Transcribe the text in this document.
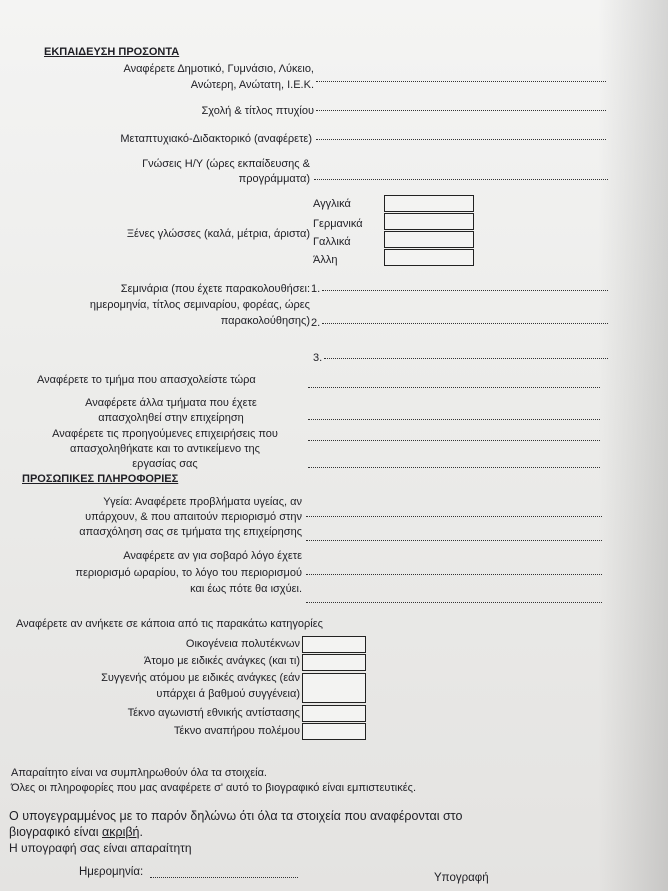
ΕΚΠΑΙΔΕΥΣΗ ΠΡΟΣΟΝΤΑ
Αναφέρετε Δημοτικό, Γυμνάσιο, Λύκειο,
Ανώτερη, Ανώτατη, Ι.Ε.Κ.
Σχολή & τίτλος πτυχίου
Μεταπτυχιακό-Διδακτορικό (αναφέρετε)
Γνώσεις Η/Υ (ώρες εκπαίδευσης &
προγράμματα)
Ξένες γλώσσες (καλά, μέτρια, άριστα)
Αγγλικά
Γερμανικά
Γαλλικά
Άλλη
Σεμινάρια (που έχετε παρακολουθήσει:
ημερομηνία, τίτλος σεμιναρίου, φορέας, ώρες
παρακολούθησης)
1.
2.
3.
Αναφέρετε το τμήμα που απασχολείστε τώρα
Αναφέρετε άλλα τμήματα που έχετε
απασχοληθεί στην επιχείρηση
Αναφέρετε τις προηγούμενες επιχειρήσεις που
απασχοληθήκατε και το αντικείμενο της
εργασίας σας
ΠΡΟΣΩΠΙΚΕΣ ΠΛΗΡΟΦΟΡΙΕΣ
Υγεία: Αναφέρετε προβλήματα υγείας, αν
υπάρχουν, & που απαιτούν περιορισμό στην
απασχόληση σας σε τμήματα της επιχείρησης
Αναφέρετε αν για σοβαρό λόγο έχετε
περιορισμό ωραρίου, το λόγο του περιορισμού
και έως πότε θα ισχύει.
Αναφέρετε αν ανήκετε σε κάποια από τις παρακάτω κατηγορίες
Οικογένεια πολυτέκνων
Άτομο με ειδικές ανάγκες (και τι)
Συγγενής ατόμου με ειδικές ανάγκες (εάν
υπάρχει ά βαθμού συγγένεια)
Τέκνο αγωνιστή εθνικής αντίστασης
Τέκνο αναπήρου πολέμου
Απαραίτητο είναι να συμπληρωθούν όλα τα στοιχεία.
Όλες οι πληροφορίες που μας αναφέρετε σ' αυτό το βιογραφικό είναι εμπιστευτικές.
Ο υπογεγραμμένος με το παρόν δηλώνω ότι όλα τα στοιχεία που αναφέρονται στο
βιογραφικό είναι ακριβή.
Η υπογραφή σας είναι απαραίτητη
Ημερομηνία:	Υπογραφή
